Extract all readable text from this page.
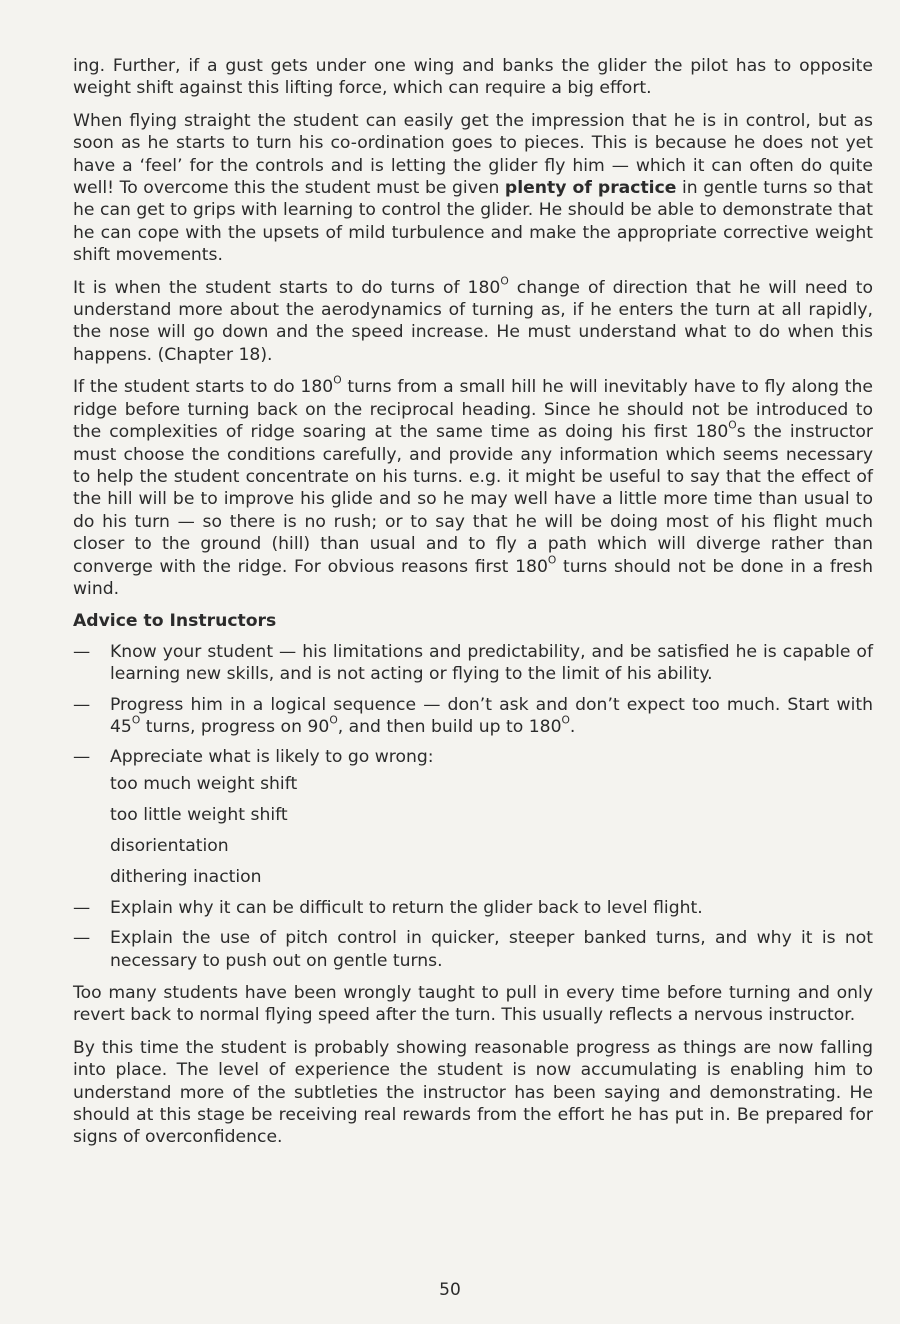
ing. Further, if a gust gets under one wing and banks the glider the pilot has to opposite weight shift against this lifting force, which can require a big effort.

When flying straight the student can easily get the impression that he is in control, but as soon as he starts to turn his co-ordination goes to pieces. This is because he does not yet have a ‘feel’ for the controls and is letting the glider fly him — which it can often do quite well! To overcome this the student must be given plenty of practice in gentle turns so that he can get to grips with learning to control the glider. He should be able to demonstrate that he can cope with the upsets of mild turbulence and make the appropriate corrective weight shift movements.

It is when the student starts to do turns of $180^O$ change of direction that he will need to understand more about the aerodynamics of turning as, if he enters the turn at all rapidly, the nose will go down and the speed increase. He must understand what to do when this happens. (Chapter 18).

If the student starts to do $180^O$ turns from a small hill he will inevitably have to fly along the ridge before turning back on the reciprocal heading. Since he should not be introduced to the complexities of ridge soaring at the same time as doing his first $180^Os$ the instructor must choose the conditions carefully, and provide any information which seems necessary to help the student concentrate on his turns. e.g. it might be useful to say that the effect of the hill will be to improve his glide and so he may well have a little more time than usual to do his turn — so there is no rush; or to say that he will be doing most of his flight much closer to the ground (hill) than usual and to fly a path which will diverge rather than converge with the ridge. For obvious reasons first $180^O$ turns should not be done in a fresh wind.

Advice to Instructors
— Know your student — his limitations and predictability, and be satisfied he is capable of learning new skills, and is not acting or flying to the limit of his ability.
— Progress him in a logical sequence — don’t ask and don’t expect too much. Start with $45^O$ turns, progress on $90^O$, and then build up to $180^O$.
— Appreciate what is likely to go wrong:
too much weight shift
too little weight shift
disorientation
dithering inaction
— Explain why it can be difficult to return the glider back to level flight.
— Explain the use of pitch control in quicker, steeper banked turns, and why it is not necessary to push out on gentle turns.

Too many students have been wrongly taught to pull in every time before turning and only revert back to normal flying speed after the turn. This usually reflects a nervous instructor.

By this time the student is probably showing reasonable progress as things are now falling into place. The level of experience the student is now accumulating is enabling him to understand more of the subtleties the instructor has been saying and demonstrating. He should at this stage be receiving real rewards from the effort he has put in. Be prepared for signs of overconfidence.

50
